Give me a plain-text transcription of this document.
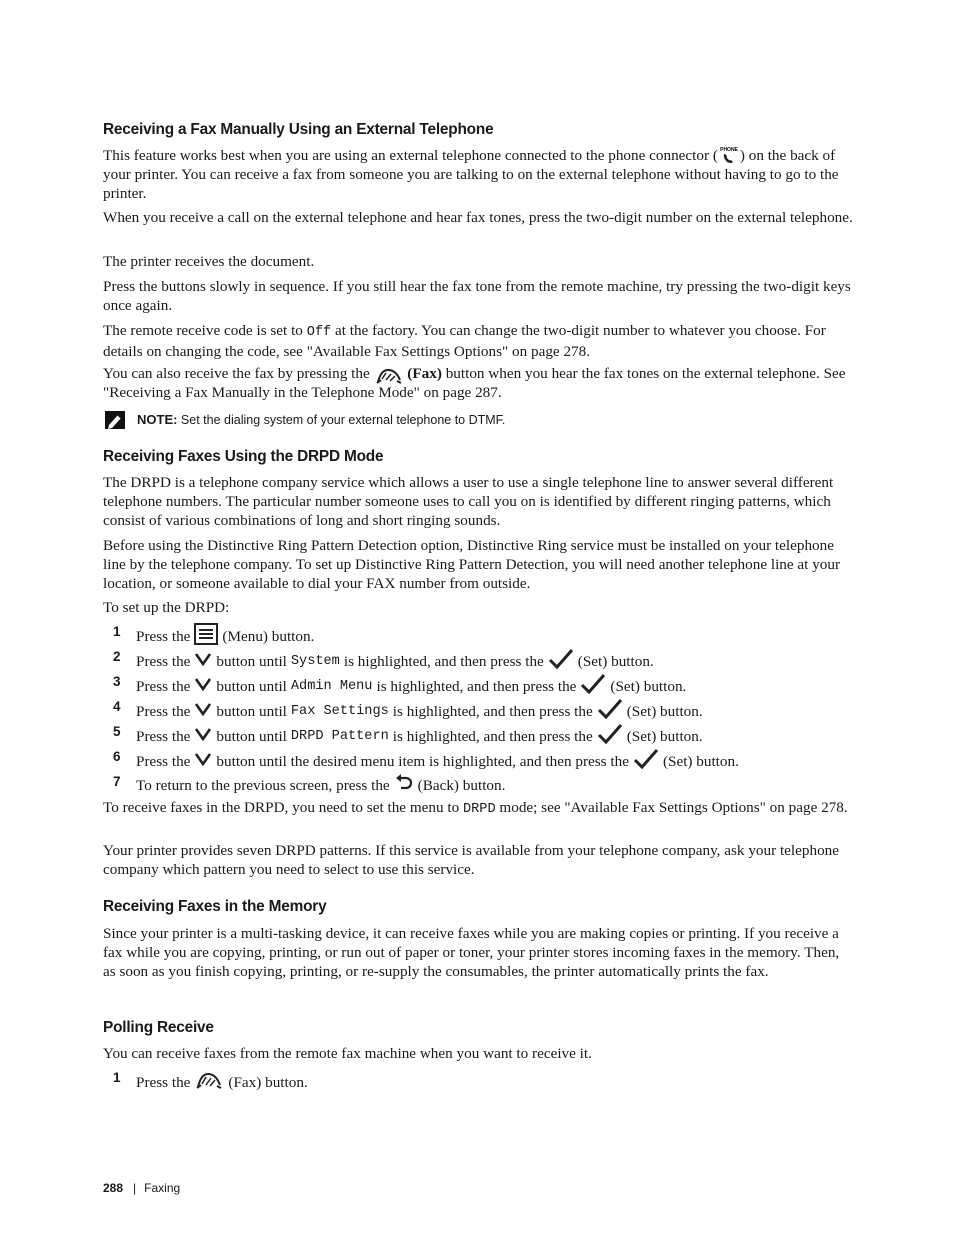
Receiving a Fax Manually Using an External Telephone

This feature works best when you are using an external telephone connected to the phone connector ( PHONE ) on the back of your printer. You can receive a fax from someone you are talking to on the external telephone without having to go to the printer.

When you receive a call on the external telephone and hear fax tones, press the two-digit number on the external telephone.

The printer receives the document.

Press the buttons slowly in sequence. If you still hear the fax tone from the remote machine, try pressing the two-digit keys once again.

The remote receive code is set to Off at the factory. You can change the two-digit number to whatever you choose. For details on changing the code, see "Available Fax Settings Options" on page 278.

You can also receive the fax by pressing the  (Fax) button when you hear the fax tones on the external telephone. See "Receiving a Fax Manually in the Telephone Mode" on page 287.

NOTE: Set the dialing system of your external telephone to DTMF.
Receiving Faxes Using the DRPD Mode

The DRPD is a telephone company service which allows a user to use a single telephone line to answer several different telephone numbers. The particular number someone uses to call you on is identified by different ringing patterns, which consist of various combinations of long and short ringing sounds.

Before using the Distinctive Ring Pattern Detection option, Distinctive Ring service must be installed on your telephone line by the telephone company. To set up Distinctive Ring Pattern Detection, you will need another telephone line at your location, or someone available to dial your FAX number from outside.

To set up the DRPD:

1 Press the (Menu) button.
2 Press the button until System is highlighted, and then press the (Set) button.
3 Press the button until Admin Menu is highlighted, and then press the (Set) button.
4 Press the button until Fax Settings is highlighted, and then press the (Set) button.
5 Press the button until DRPD Pattern is highlighted, and then press the (Set) button.
6 Press the button until the desired menu item is highlighted, and then press the (Set) button.
7 To return to the previous screen, press the (Back) button.

To receive faxes in the DRPD, you need to set the menu to DRPD mode; see "Available Fax Settings Options" on page 278.

Your printer provides seven DRPD patterns. If this service is available from your telephone company, ask your telephone company which pattern you need to select to use this service.

Receiving Faxes in the Memory

Since your printer is a multi-tasking device, it can receive faxes while you are making copies or printing. If you receive a fax while you are copying, printing, or run out of paper or toner, your printer stores incoming faxes in the memory. Then, as soon as you finish copying, printing, or re-supply the consumables, the printer automatically prints the fax.

Polling Receive

You can receive faxes from the remote fax machine when you want to receive it.

1 Press the	(Fax) button.
288 | Faxing
